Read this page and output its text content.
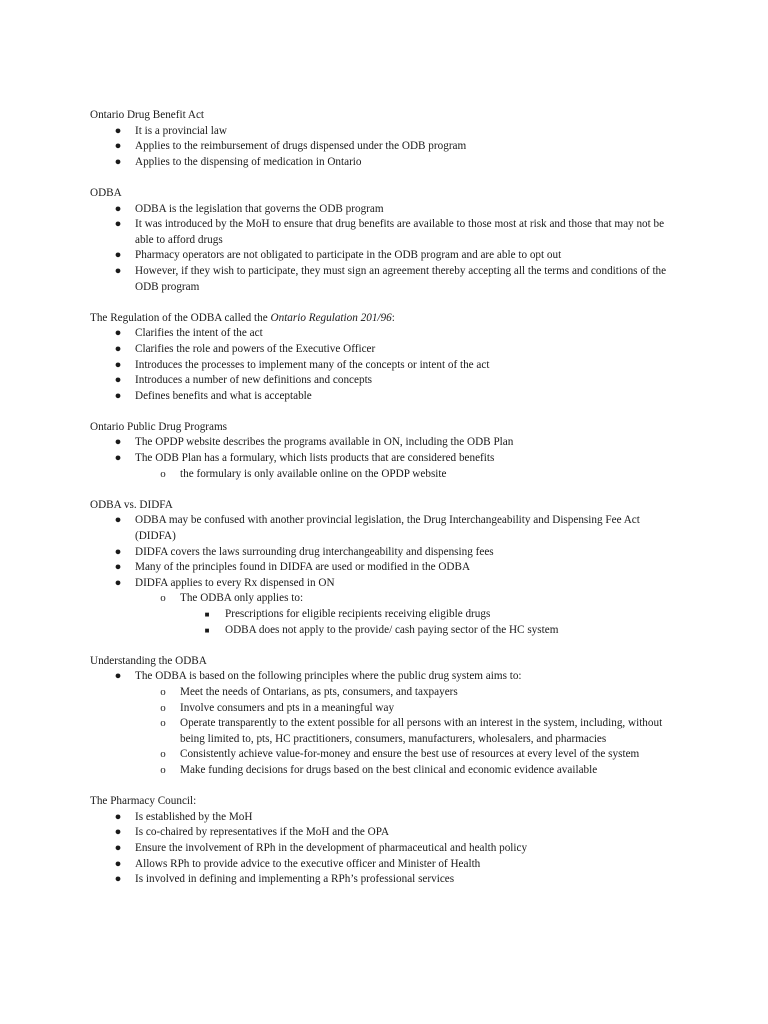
Ontario Drug Benefit Act

● It is a provincial law
● Applies to the reimbursement of drugs dispensed under the ODB program
● Applies to the dispensing of medication in Ontario

ODBA

● ODBA is the legislation that governs the ODB program
● It was introduced by the MoH to ensure that drug benefits are available to those most at risk and those that may not be able to afford drugs
● Pharmacy operators are not obligated to participate in the ODB program and are able to opt out
● However, if they wish to participate, they must sign an agreement thereby accepting all the terms and conditions of the ODB program

The Regulation of the ODBA called the Ontario Regulation 201/96:

● Clarifies the intent of the act
● Clarifies the role and powers of the Executive Officer
● Introduces the processes to implement many of the concepts or intent of the act
● Introduces a number of new definitions and concepts
● Defines benefits and what is acceptable

Ontario Public Drug Programs

● The OPDP website describes the programs available in ON, including the ODB Plan
● The ODB Plan has a formulary, which lists products that are considered benefits
o the formulary is only available online on the OPDP website

ODBA vs. DIDFA

● ODBA may be confused with another provincial legislation, the Drug Interchangeability and Dispensing Fee Act (DIDFA)
● DIDFA covers the laws surrounding drug interchangeability and dispensing fees
● Many of the principles found in DIDFA are used or modified in the ODBA
● DIDFA applies to every Rx dispensed in ON
o The ODBA only applies to:
■	Prescriptions for eligible recipients receiving eligible drugs
■	ODBA does not apply to the provide/ cash paying sector of the HC system

Understanding the ODBA

● The ODBA is based on the following principles where the public drug system aims to:
o Meet the needs of Ontarians, as pts, consumers, and taxpayers
o Involve consumers and pts in a meaningful way
o Operate transparently to the extent possible for all persons with an interest in the system, including, without being limited to, pts, HC practitioners, consumers, manufacturers, wholesalers, and pharmacies
o Consistently achieve value-for-money and ensure the best use of resources at every level of the system
o Make funding decisions for drugs based on the best clinical and economic evidence available

The Pharmacy Council:

● Is established by the MoH
● Is co-chaired by representatives if the MoH and the OPA
● Ensure the involvement of RPh in the development of pharmaceutical and health policy
● Allows RPh to provide advice to the executive officer and Minister of Health
● Is involved in defining and implementing a RPh’s professional services
